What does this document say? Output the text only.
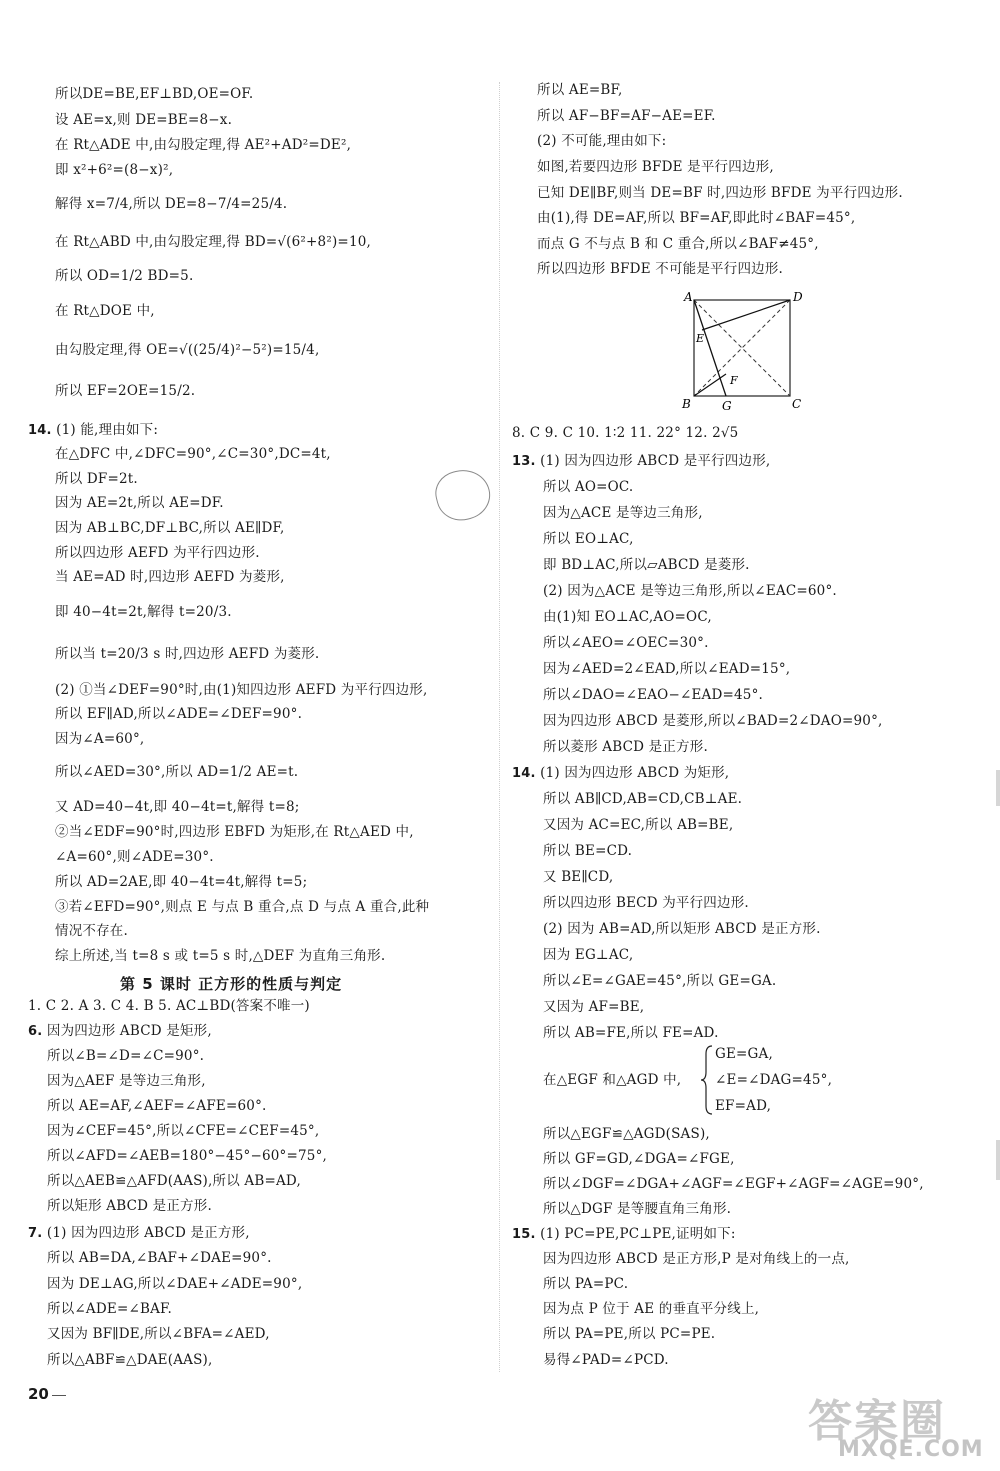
所以DE=BE,EF⊥BD,OE=OF.
设 AE=x,则 DE=BE=8−x.
在 Rt△ADE 中,由勾股定理,得 AE²+AD²=DE²,
即 x²+6²=(8−x)²,
解得 x=7/4,所以 DE=8−7/4=25/4.
在 Rt△ABD 中,由勾股定理,得 BD=√(6²+8²)=10,
所以 OD=1/2 BD=5.
在 Rt△DOE 中,
由勾股定理,得 OE=√((25/4)²−5²)=15/4,
所以 EF=2OE=15/2.
14. (1) 能,理由如下:
在△DFC 中,∠DFC=90°,∠C=30°,DC=4t,
所以 DF=2t.
因为 AE=2t,所以 AE=DF.
因为 AB⊥BC,DF⊥BC,所以 AE∥DF,
所以四边形 AEFD 为平行四边形.
当 AE=AD 时,四边形 AEFD 为菱形,
即 40−4t=2t,解得 t=20/3.
所以当 t=20/3 s 时,四边形 AEFD 为菱形.
(2) ①当∠DEF=90°时,由(1)知四边形 AEFD 为平行四边形,
所以 EF∥AD,所以∠ADE=∠DEF=90°.
因为∠A=60°,
所以∠AED=30°,所以 AD=1/2 AE=t.
又 AD=40−4t,即 40−4t=t,解得 t=8;
②当∠EDF=90°时,四边形 EBFD 为矩形,在 Rt△AED 中,
∠A=60°,则∠ADE=30°.
所以 AD=2AE,即 40−4t=4t,解得 t=5;
③若∠EFD=90°,则点 E 与点 B 重合,点 D 与点 A 重合,此种
情况不存在.
综上所述,当 t=8 s 或 t=5 s 时,△DEF 为直角三角形.
1. C 2. A 3. C 4. B 5. AC⊥BD(答案不唯一)
6. 因为四边形 ABCD 是矩形,
所以∠B=∠D=∠C=90°.
因为△AEF 是等边三角形,
所以 AE=AF,∠AEF=∠AFE=60°.
因为∠CEF=45°,所以∠CFE=∠CEF=45°,
所以∠AFD=∠AEB=180°−45°−60°=75°,
所以△AEB≌△AFD(AAS),所以 AB=AD,
所以矩形 ABCD 是正方形.
7. (1) 因为四边形 ABCD 是正方形,
所以 AB=DA,∠BAF+∠DAE=90°.
因为 DE⊥AG,所以∠DAE+∠ADE=90°,
所以∠ADE=∠BAF.
又因为 BF∥DE,所以∠BFA=∠AED,
所以△ABF≌△DAE(AAS),
第 5 课时 正方形的性质与判定
所以 AE=BF,
所以 AF−BF=AF−AE=EF.
(2) 不可能,理由如下:
如图,若要四边形 BFDE 是平行四边形,
已知 DE∥BF,则当 DE=BF 时,四边形 BFDE 为平行四边形.
由(1),得 DE=AF,所以 BF=AF,即此时∠BAF=45°,
而点 G 不与点 B 和 C 重合,所以∠BAF≠45°,
所以四边形 BFDE 不可能是平行四边形.
8. C 9. C 10. 1∶2 11. 22° 12. 2√5
13. (1) 因为四边形 ABCD 是平行四边形,
所以 AO=OC.
因为△ACE 是等边三角形,
所以 EO⊥AC,
即 BD⊥AC,所以▱ABCD 是菱形.
(2) 因为△ACE 是等边三角形,所以∠EAC=60°.
由(1)知 EO⊥AC,AO=OC,
所以∠AEO=∠OEC=30°.
因为∠AED=2∠EAD,所以∠EAD=15°,
所以∠DAO=∠EAO−∠EAD=45°.
因为四边形 ABCD 是菱形,所以∠BAD=2∠DAO=90°,
所以菱形 ABCD 是正方形.
14. (1) 因为四边形 ABCD 为矩形,
所以 AB∥CD,AB=CD,CB⊥AE.
又因为 AC=EC,所以 AB=BE,
所以 BE=CD.
又 BE∥CD,
所以四边形 BECD 为平行四边形.
(2) 因为 AB=AD,所以矩形 ABCD 是正方形.
因为 EG⊥AC,
所以∠E=∠GAE=45°,所以 GE=GA.
又因为 AF=BE,
所以 AB=FE,所以 FE=AD.
GE=GA,
在△EGF 和△AGD 中, ∠E=∠DAG=45°,
EF=AD,
所以△EGF≌△AGD(SAS),
所以 GF=GD,∠DGA=∠FGE,
所以∠DGF=∠DGA+∠AGF=∠EGF+∠AGF=∠AGE=90°,
所以△DGF 是等腰直角三角形.
15. (1) PC=PE,PC⊥PE,证明如下:
因为四边形 ABCD 是正方形,P 是对角线上的一点,
所以 PA=PC.
因为点 P 位于 AE 的垂直平分线上,
所以 PA=PE,所以 PC=PE.
易得∠PAD=∠PCD.
A	D
B	G	C
E
F
20
答案圈
MXQE.COM
